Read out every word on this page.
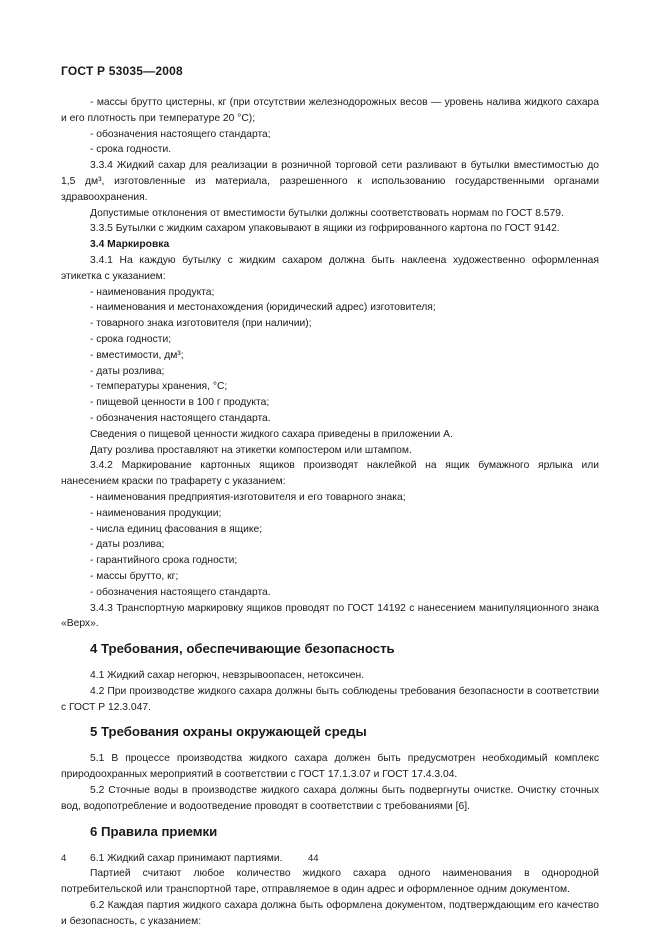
ГОСТ Р 53035—2008

- массы брутто цистерны, кг (при отсутствии железнодорожных весов — уровень налива жидкого сахара и его плотность при температуре 20 °С);

- обозначения настоящего стандарта;

- срока годности.

3.3.4 Жидкий сахар для реализации в розничной торговой сети разливают в бутылки вместимостью до 1,5 дм³, изготовленные из материала, разрешенного к использованию государственными органами здравоохранения.

Допустимые отклонения от вместимости бутылки должны соответствовать нормам по ГОСТ 8.579.

3.3.5 Бутылки с жидким сахаром упаковывают в ящики из гофрированного картона по ГОСТ 9142.

3.4 Маркировка

3.4.1 На каждую бутылку с жидким сахаром должна быть наклеена художественно оформленная этикетка с указанием:

- наименования продукта;

- наименования и местонахождения (юридический адрес) изготовителя;

- товарного знака изготовителя (при наличии);

- срока годности;

- вместимости, дм³;

- даты розлива;

- температуры хранения, °С;

- пищевой ценности в 100 г продукта;

- обозначения настоящего стандарта.

Сведения о пищевой ценности жидкого сахара приведены в приложении А.

Дату розлива проставляют на этикетки компостером или штампом.

3.4.2 Маркирование картонных ящиков производят наклейкой на ящик бумажного ярлыка или нанесением краски по трафарету с указанием:

- наименования предприятия-изготовителя и его товарного знака;

- наименования продукции;

- числа единиц фасования в ящике;

- даты розлива;

- гарантийного срока годности;

- массы брутто, кг;

- обозначения настоящего стандарта.

3.4.3 Транспортную маркировку ящиков проводят по ГОСТ 14192 с нанесением манипуляционного знака «Верх».

4 Требования, обеспечивающие безопасность

4.1 Жидкий сахар негорюч, невзрывоопасен, нетоксичен.

4.2 При производстве жидкого сахара должны быть соблюдены требования безопасности в соответствии с ГОСТ Р 12.3.047.

5 Требования охраны окружающей среды

5.1 В процессе производства жидкого сахара должен быть предусмотрен необходимый комплекс природоохранных мероприятий в соответствии с ГОСТ 17.1.3.07 и ГОСТ 17.4.3.04.

5.2 Сточные воды в производстве жидкого сахара должны быть подвергнуты очистке. Очистку сточных вод, водопотребление и водоотведение проводят в соответствии с требованиями [6].

6 Правила приемки

6.1 Жидкий сахар принимают партиями.

Партией считают любое количество жидкого сахара одного наименования в однородной потребительской или транспортной таре, отправляемое в один адрес и оформленное одним документом.

6.2 Каждая партия жидкого сахара должна быть оформлена документом, подтверждающим его качество и безопасность, с указанием:

4	44
